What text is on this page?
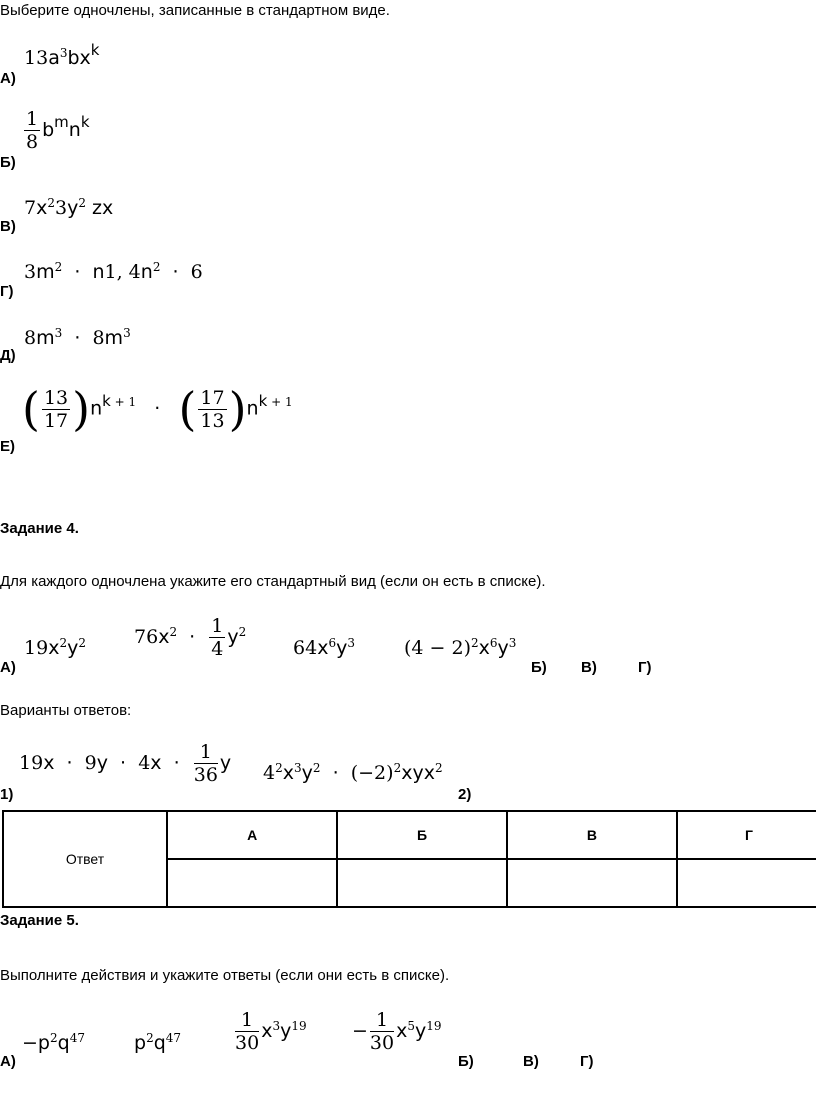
Выберите одночлены, записанные в стандартном виде.
$13a^3bx^k$
А)
$\frac{1}{8} b^mn^k$
Б)
$7x^23y^2$ zx
В)
$3m^2 \cdot n1$, $4n^2 \cdot 6$
Г)
$8m^3 \cdot 8m^3$
Д)
( $\frac{13}{17} )n^{k + 1}$   ·   ( $\frac{17}{13} )n^{k + 1}$
Е)
Задание 4.
Для каждого одночлена укажите его стандартный вид (если он есть в списке).
$19x^2y^2$	$76x^2 \cdot \frac{1}{4} y^2$
$64x^6y^3$	$(4 - 2)^2x^6y^3$
А)	Б) В)	Г)
Варианты ответов:
$19x \cdot 9y \cdot 4x \cdot \frac{1}{36}$ y $4^2x^3y^2 \cdot (-2)^2xyx^2$
1)	2)
Ответ	А	Б	В	Г

Задание 5.
Выполните действия и укажите ответы (если они есть в списке).
$-p^2q^{47}$	$p^2q^{47}$	$\frac{1}{30} x^3y^{19} - \frac{1}{30} x^5y^{19}$
А)	Б)	В)	Г)
